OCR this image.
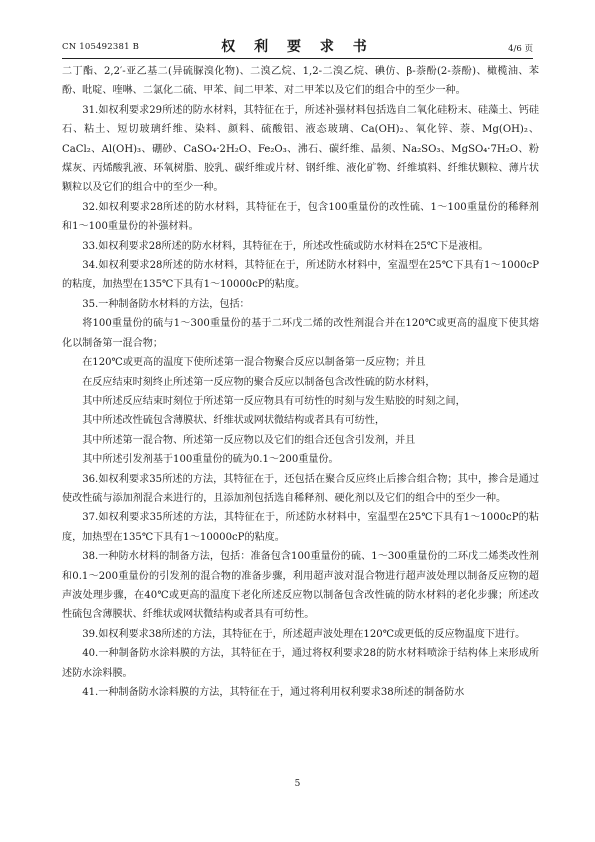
CN 105492381 B	权 利 要 求 书	4/6 页

二丁酯、2,2′-亚乙基二(异硫脲溴化物)、二溴乙烷、1,2-二溴乙烷、碘仿、β-萘酚(2-萘酚)、橄榄油、苯酚、吡啶、喹啉、二氯化二硫、甲苯、间二甲苯、对二甲苯以及它们的组合中的至少一种。

31.如权利要求29所述的防水材料，其特征在于，所述补强材料包括选自二氧化硅粉末、硅藻土、钙硅石、粘土、短切玻璃纤维、染料、颜料、硫酸铝、液态玻璃、Ca(OH)₂、氧化锌、萘、Mg(OH)₂、CaCl₂、Al(OH)₃、硼砂、CaSO₄·2H₂O、Fe₂O₃、沸石、碳纤维、晶须、Na₂SO₃、MgSO₄·7H₂O、粉煤灰、丙烯酸乳液、环氧树脂、胶乳、碳纤维或片材、钢纤维、液化矿物、纤维填料、纤维状颗粒、薄片状颗粒以及它们的组合中的至少一种。

32.如权利要求28所述的防水材料，其特征在于，包含100重量份的改性硫、1～100重量份的稀释剂和1～100重量份的补强材料。

33.如权利要求28所述的防水材料，其特征在于，所述改性硫或防水材料在25℃下是液相。

34.如权利要求28所述的防水材料，其特征在于，所述防水材料中，室温型在25℃下具有1～1000cP的粘度，加热型在135℃下具有1～10000cP的粘度。

35.一种制备防水材料的方法，包括：

将100重量份的硫与1～300重量份的基于二环戊二烯的改性剂混合并在120℃或更高的温度下使其熔化以制备第一混合物；

在120℃或更高的温度下使所述第一混合物聚合反应以制备第一反应物；并且

在反应结束时刻终止所述第一反应物的聚合反应以制备包含改性硫的防水材料，

其中所述反应结束时刻位于所述第一反应物具有可纺性的时刻与发生贴胶的时刻之间，

其中所述改性硫包含薄膜状、纤维状或网状微结构或者具有可纺性，

其中所述第一混合物、所述第一反应物以及它们的组合还包含引发剂，并且

其中所述引发剂基于100重量份的硫为0.1～200重量份。

36.如权利要求35所述的方法，其特征在于，还包括在聚合反应终止后掺合组合物；其中，掺合是通过使改性硫与添加剂混合来进行的，且添加剂包括选自稀释剂、硬化剂以及它们的组合中的至少一种。

37.如权利要求35所述的方法，其特征在于，所述防水材料中，室温型在25℃下具有1～1000cP的粘度，加热型在135℃下具有1～10000cP的粘度。

38.一种防水材料的制备方法，包括：准备包含100重量份的硫、1～300重量份的二环戊二烯类改性剂和0.1～200重量份的引发剂的混合物的准备步骤，利用超声波对混合物进行超声波处理以制备反应物的超声波处理步骤，在40℃或更高的温度下老化所述反应物以制备包含改性硫的防水材料的老化步骤；所述改性硫包含薄膜状、纤维状或网状微结构或者具有可纺性。

39.如权利要求38所述的方法，其特征在于，所述超声波处理在120℃或更低的反应物温度下进行。

40.一种制备防水涂料膜的方法，其特征在于，通过将权利要求28的防水材料喷涂于结构体上来形成所述防水涂料膜。

41.一种制备防水涂料膜的方法，其特征在于，通过将利用权利要求38所述的制备防水

5
